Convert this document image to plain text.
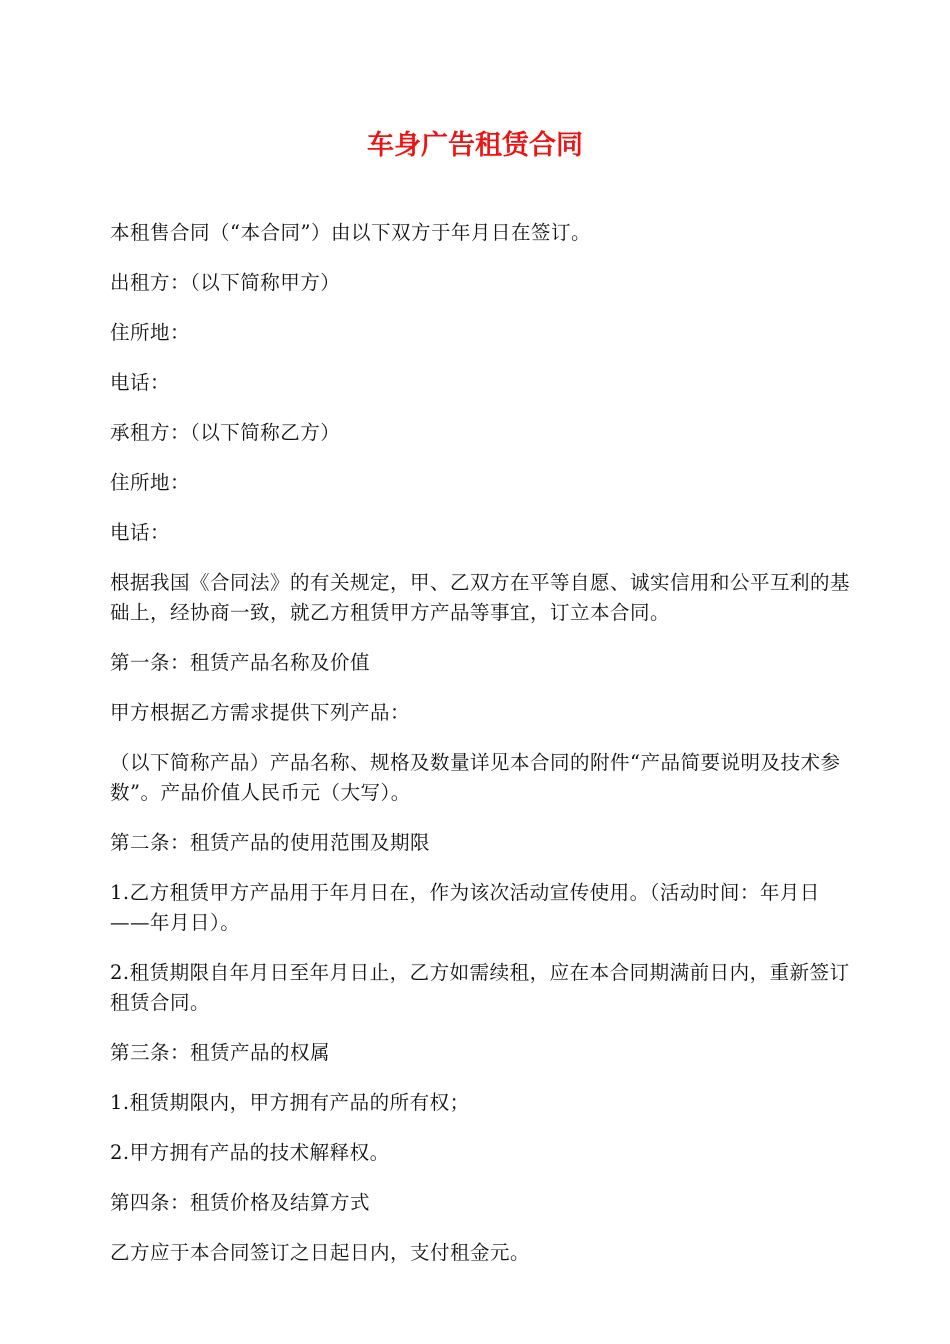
车身广告租赁合同

本租售合同（“本合同”）由以下双方于年月日在签订。

出租方：（以下简称甲方）

住所地：

电话：

承租方：（以下简称乙方）

住所地：

电话：

根据我国《合同法》的有关规定，甲、乙双方在平等自愿、诚实信用和公平互利的基础上，经协商一致，就乙方租赁甲方产品等事宜，订立本合同。

第一条：租赁产品名称及价值

甲方根据乙方需求提供下列产品：

（以下简称产品）产品名称、规格及数量详见本合同的附件“产品简要说明及技术参数”。产品价值人民币元（大写）。

第二条：租赁产品的使用范围及期限

1.乙方租赁甲方产品用于年月日在，作为该次活动宣传使用。（活动时间：年月日——年月日）。

2.租赁期限自年月日至年月日止，乙方如需续租，应在本合同期满前日内，重新签订租赁合同。

第三条：租赁产品的权属

1.租赁期限内，甲方拥有产品的所有权；

2.甲方拥有产品的技术解释权。

第四条：租赁价格及结算方式

乙方应于本合同签订之日起日内，支付租金元。
